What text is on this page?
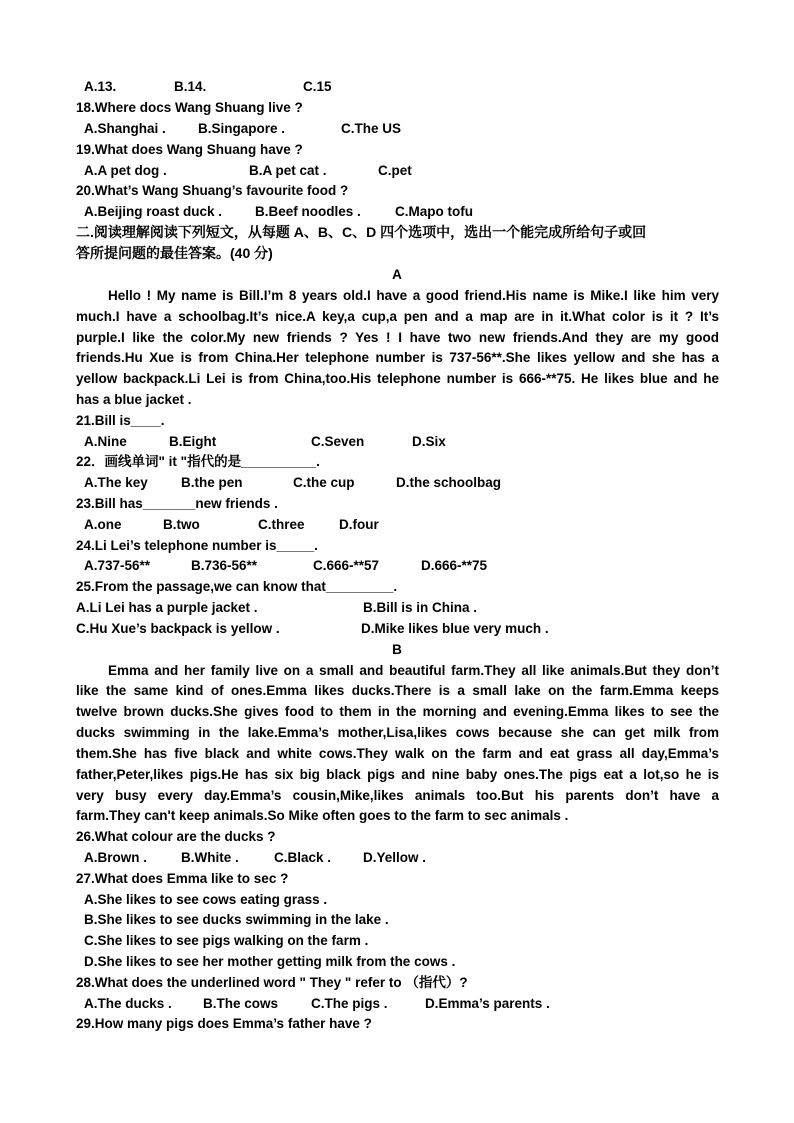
A.13.	B.14.	C.15
18.Where docs Wang Shuang live ?
A.Shanghai . B.Singapore .	C.The US
19.What does Wang Shuang have ?
A.A pet dog .	B.A pet cat .	C.pet
20.What’s Wang Shuang’s favourite food ?
A.Beijing roast duck . B.Beef noodles .	C.Mapo tofu
二.阅读理解阅读下列短文，从每题 A、B、C、D 四个选项中，选出一个能完成所给句子或回
答所提问题的最佳答案。(40 分)
A
Hello ! My name is Bill.I’m 8 years old.I have a good friend.His name is Mike.I like him very
much.I have a schoolbag.It’s nice.A key,a cup,a pen and a map are in it.What color is it ? It’s
purple.I like the color.My new friends ? Yes ! I have two new friends.And they are my good
friends.Hu Xue is from China.Her telephone number is 737-56**.She likes yellow and she has a
yellow backpack.Li Lei is from China,too.His telephone number is 666-**75. He likes blue and he
has a blue jacket .
21.Bill is____.
A.Nine	B.Eight	C.Seven	D.Six
22．画线单词" it "指代的是__________.
A.The key B.the pen	C.the cup	D.the schoolbag
23.Bill has_______new friends .
A.one	B.two	C.three	D.four
24.Li Lei’s telephone number is_____.
A.737-56**	B.736-56**	C.666-**57	D.666-**75
25.From the passage,we can know that_________.
A.Li Lei has a purple jacket .	B.Bill is in China .
C.Hu Xue’s backpack is yellow .	D.Mike likes blue very much .
B
Emma and her family live on a small and beautiful farm.They all like animals.But they don’t
like the same kind of ones.Emma likes ducks.There is a small lake on the farm.Emma keeps
twelve brown ducks.She gives food to them in the morning and evening.Emma likes to see the
ducks swimming in the lake.Emma’s mother,Lisa,likes cows because she can get milk from
them.She has five black and white cows.They walk on the farm and eat grass all day,Emma’s
father,Peter,likes pigs.He has six big black pigs and nine baby ones.The pigs eat a lot,so he is
very busy every day.Emma’s cousin,Mike,likes animals too.But his parents don’t have a
farm.They can't keep animals.So Mike often goes to the farm to sec animals .
26.What colour are the ducks ?
A.Brown .	B.White .	C.Black . D.Yellow .
27.What does Emma like to sec ?
A.She likes to see cows eating grass .
B.She likes to see ducks swimming in the lake .
C.She likes to see pigs walking on the farm .
D.She likes to see her mother getting milk from the cows .
28.What does the underlined word " They " refer to （指代）?
A.The ducks . B.The cows C.The pigs .	D.Emma’s parents .
29.How many pigs does Emma’s father have ?
